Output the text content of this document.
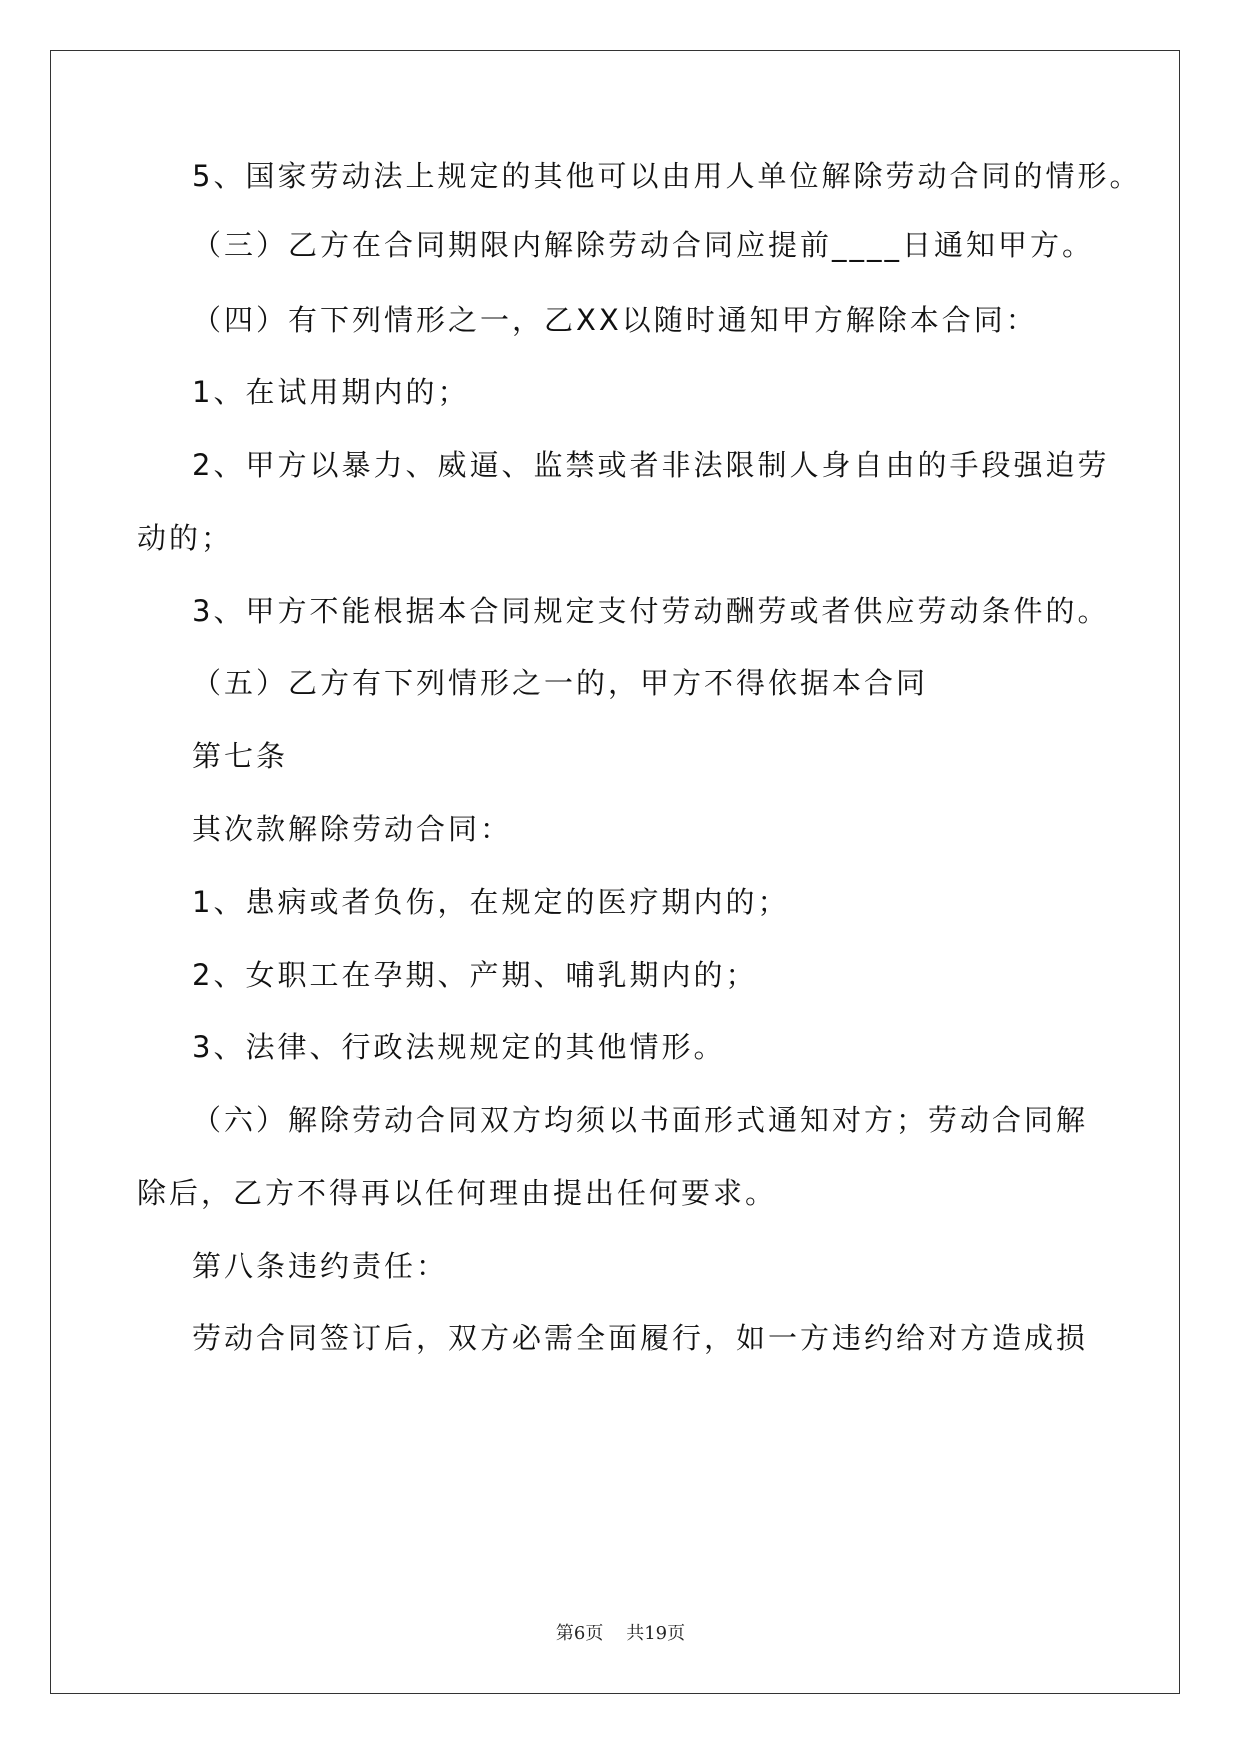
5、国家劳动法上规定的其他可以由用人单位解除劳动合同的情形。
（三）乙方在合同期限内解除劳动合同应提前____日通知甲方。
（四）有下列情形之一，乙XX以随时通知甲方解除本合同：
1、在试用期内的；
2、甲方以暴力、威逼、监禁或者非法限制人身自由的手段强迫劳
动的；
3、甲方不能根据本合同规定支付劳动酬劳或者供应劳动条件的。
（五）乙方有下列情形之一的，甲方不得依据本合同
第七条
其次款解除劳动合同：
1、患病或者负伤，在规定的医疗期内的；
2、女职工在孕期、产期、哺乳期内的；
3、法律、行政法规规定的其他情形。
（六）解除劳动合同双方均须以书面形式通知对方；劳动合同解
除后，乙方不得再以任何理由提出任何要求。
第八条违约责任：
劳动合同签订后，双方必需全面履行，如一方违约给对方造成损
第6页 共19页
